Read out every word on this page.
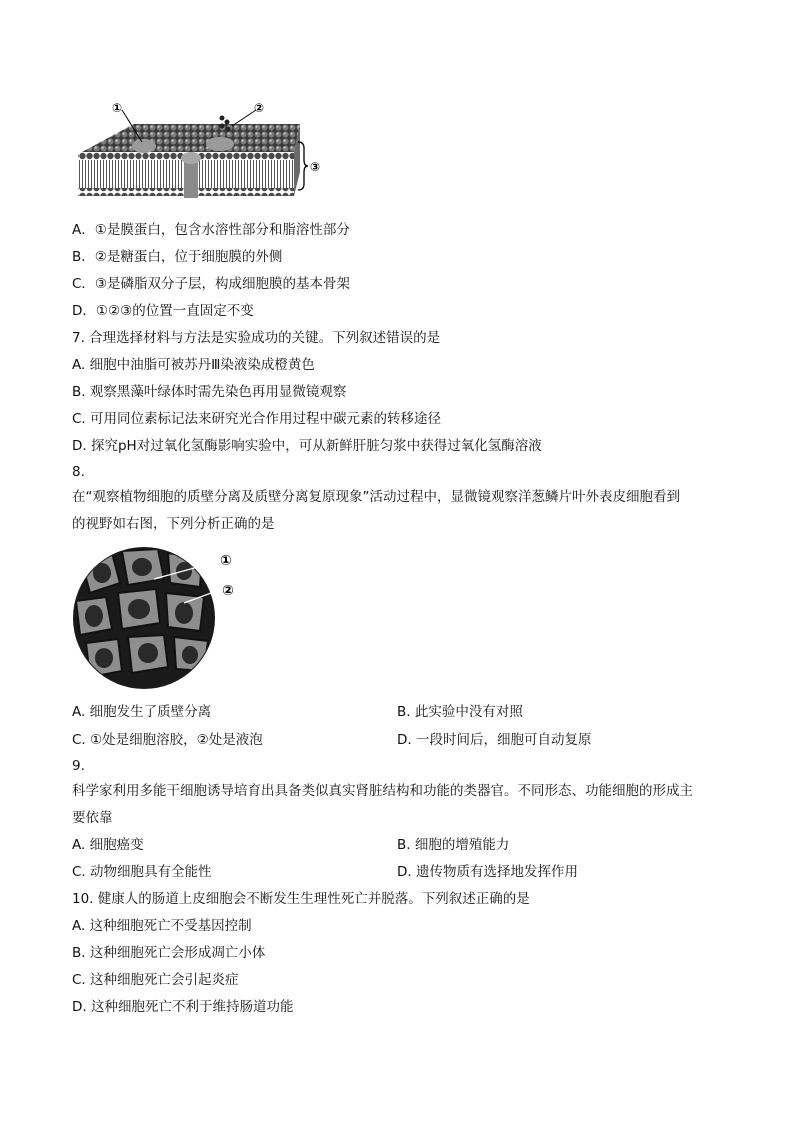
①	②
③
A．①是膜蛋白，包含水溶性部分和脂溶性部分
B．②是糖蛋白，位于细胞膜的外侧
C．③是磷脂双分子层，构成细胞膜的基本骨架
D．①②③的位置一直固定不变
7. 合理选择材料与方法是实验成功的关键。下列叙述错误的是
A. 细胞中油脂可被苏丹Ⅲ染液染成橙黄色
B. 观察黑藻叶绿体时需先染色再用显微镜观察
C. 可用同位素标记法来研究光合作用过程中碳元素的转移途径
D. 探究pH对过氧化氢酶影响实验中，可从新鲜肝脏匀浆中获得过氧化氢酶溶液
8.
在“观察植物细胞的质壁分离及质壁分离复原现象”活动过程中，显微镜观察洋葱鳞片叶外表皮细胞看到
的视野如右图，下列分析正确的是
①
②
A. 细胞发生了质壁分离	B. 此实验中没有对照
C. ①处是细胞溶胶，②处是液泡	D. 一段时间后，细胞可自动复原
9.
科学家利用多能干细胞诱导培育出具备类似真实肾脏结构和功能的类器官。不同形态、功能细胞的形成主
要依靠
A. 细胞癌变	B. 细胞的增殖能力
C. 动物细胞具有全能性	D. 遗传物质有选择地发挥作用
10. 健康人的肠道上皮细胞会不断发生生理性死亡并脱落。下列叙述正确的是
A. 这种细胞死亡不受基因控制
B. 这种细胞死亡会形成凋亡小体
C. 这种细胞死亡会引起炎症
D. 这种细胞死亡不利于维持肠道功能
